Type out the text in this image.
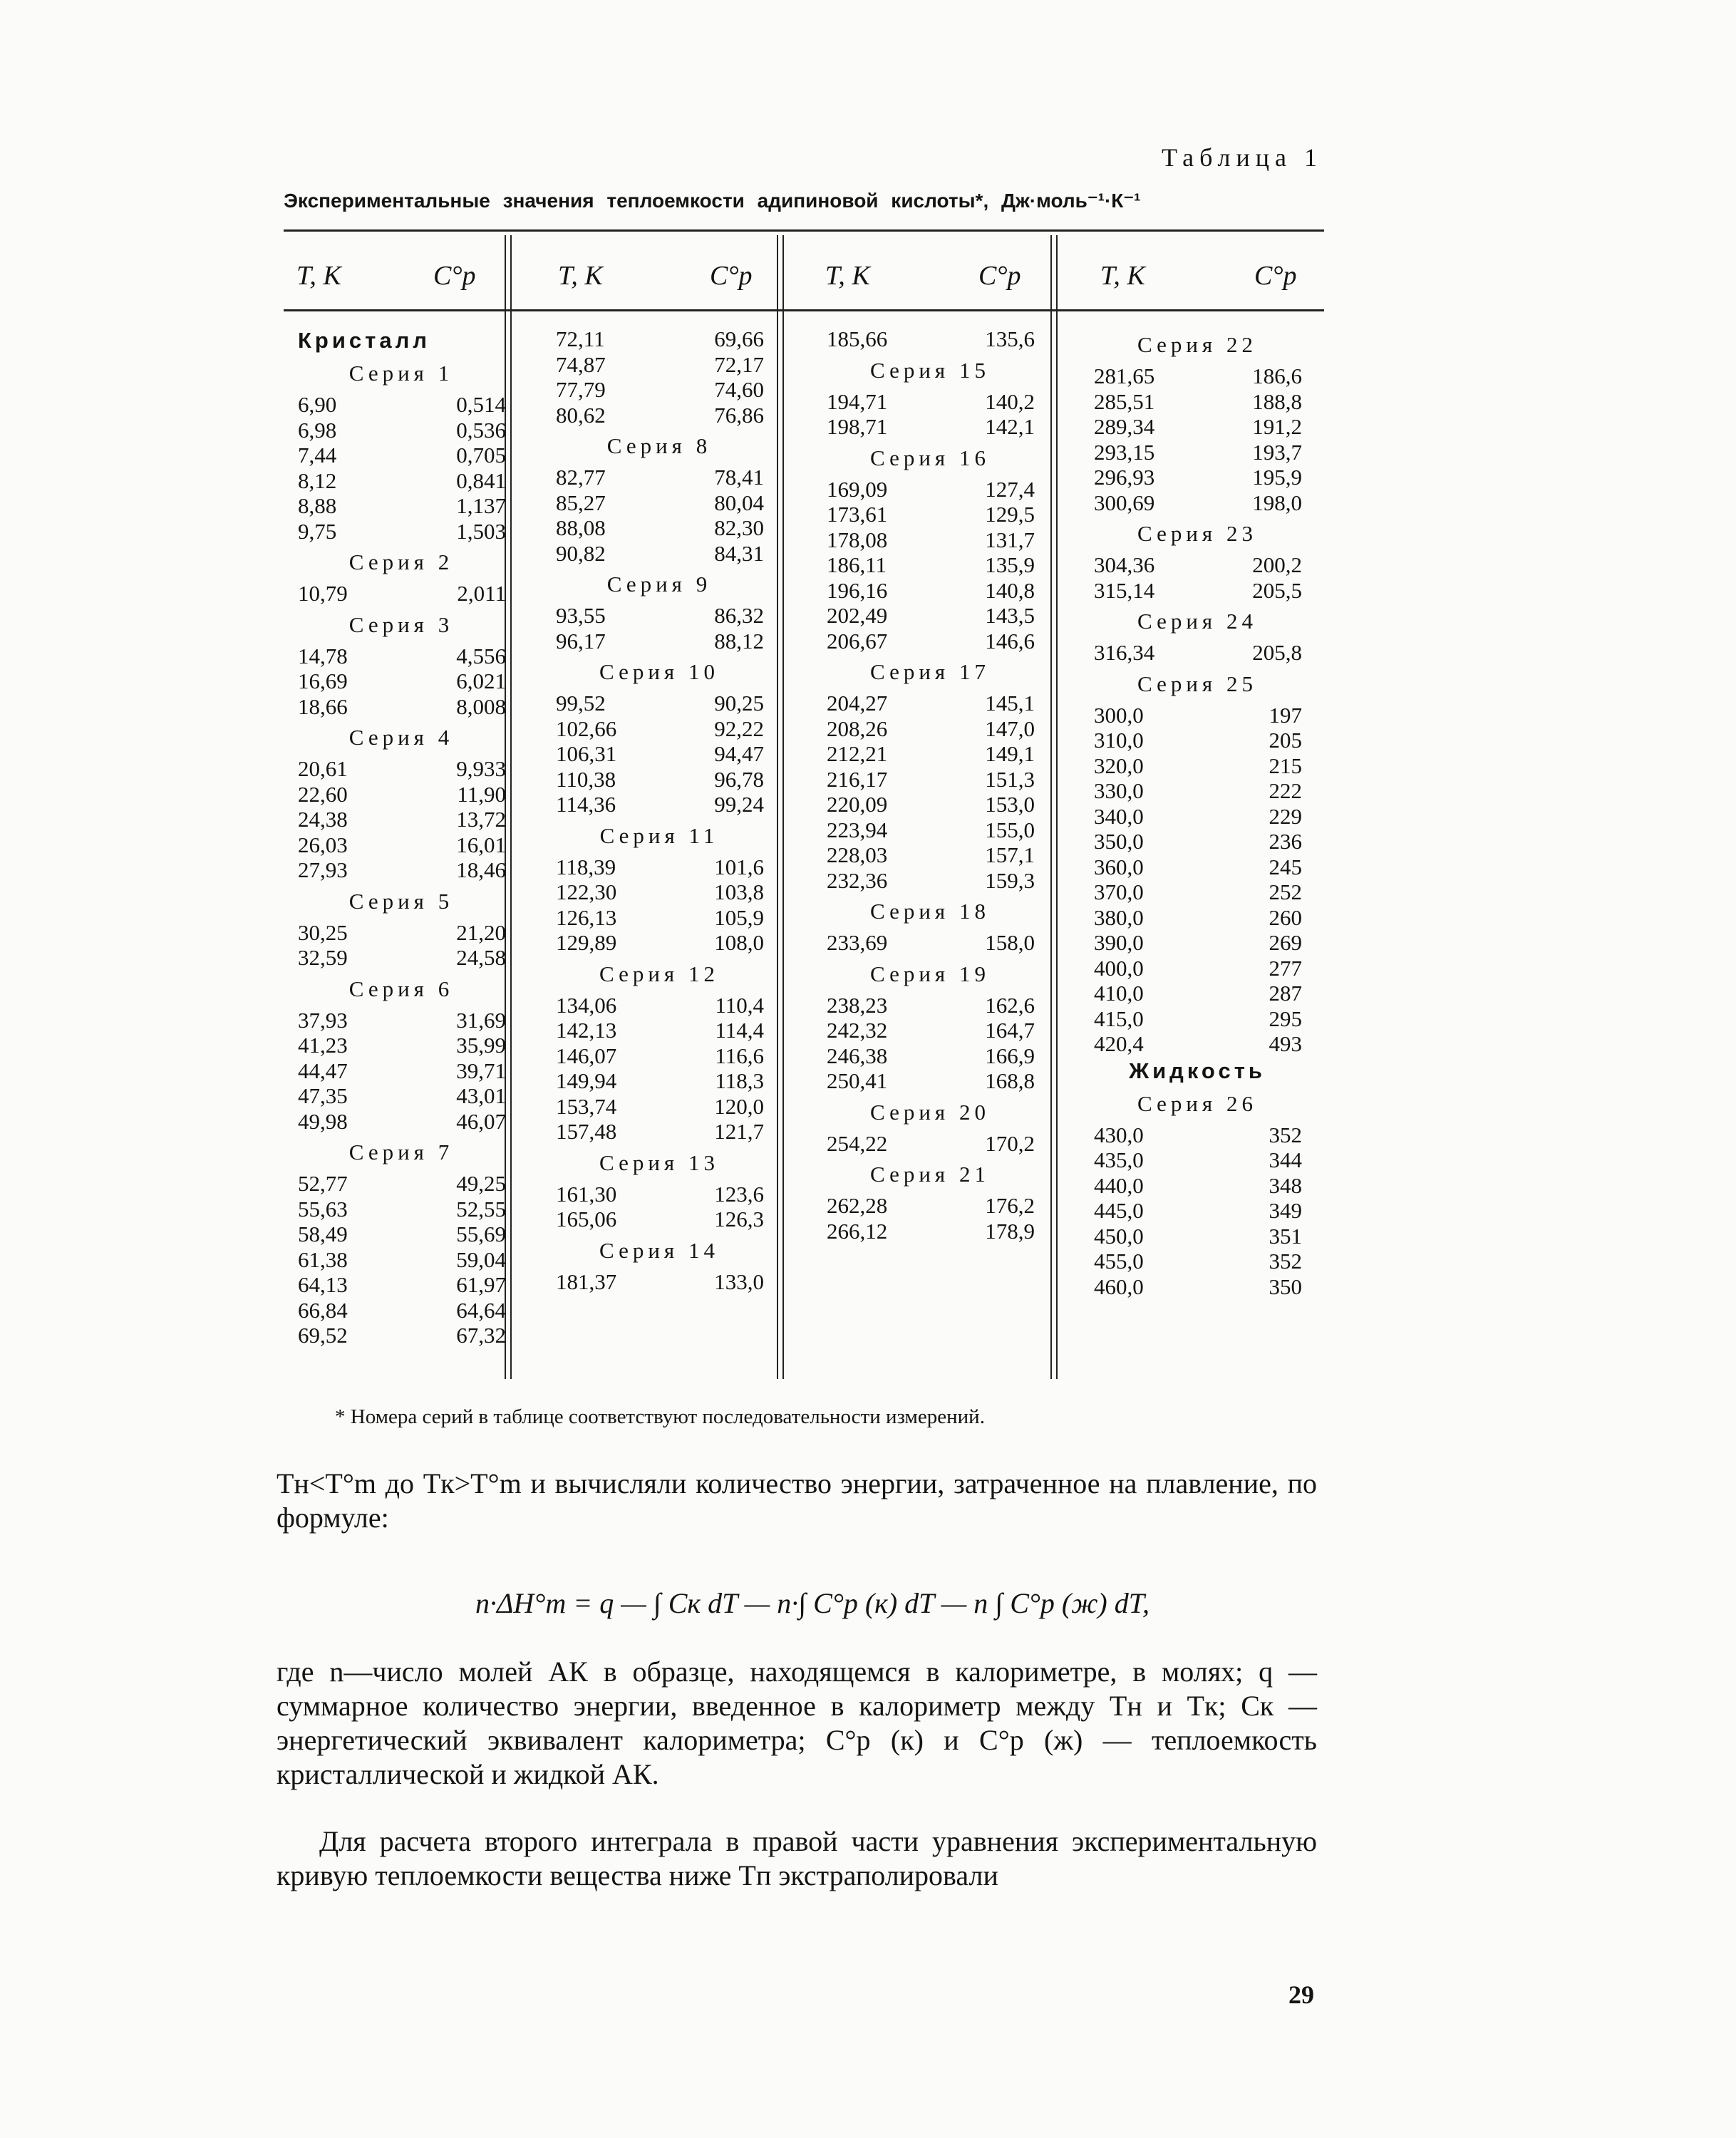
Таблица 1
Экспериментальные значения теплоемкости адипиновой кислоты*, Дж·моль⁻¹·К⁻¹
T, K	C°p	T, K	C°p	T, K	C°p	T, K	C°p
Кристалл
Серия 1
6,90	0,514
6,98	0,536
7,44	0,705
8,12	0,841
8,88	1,137
9,75	1,503
Серия 2
10,79	2,011
Серия 3
14,78	4,556
16,69	6,021
18,66	8,008
Серия 4
20,61	9,933
22,60	11,90
24,38	13,72
26,03	16,01
27,93	18,46
Серия 5
30,25	21,20
32,59	24,58
Серия 6
37,93	31,69
41,23	35,99
44,47	39,71
47,35	43,01
49,98	46,07
Серия 7
52,77	49,25
55,63	52,55
58,49	55,69
61,38	59,04
64,13	61,97
66,84	64,64
69,52	67,32
72,11	69,66
74,87	72,17
77,79	74,60
80,62	76,86
Серия 8
82,77	78,41
85,27	80,04
88,08	82,30
90,82	84,31
Серия 9
93,55	86,32
96,17	88,12
Серия 10
99,52	90,25
102,66	92,22
106,31	94,47
110,38	96,78
114,36	99,24
Серия 11
118,39	101,6
122,30	103,8
126,13	105,9
129,89	108,0
Серия 12
134,06	110,4
142,13	114,4
146,07	116,6
149,94	118,3
153,74	120,0
157,48	121,7
Серия 13
161,30	123,6
165,06	126,3
Серия 14
181,37	133,0
185,66	135,6
Серия 15
194,71	140,2
198,71	142,1
Серия 16
169,09	127,4
173,61	129,5
178,08	131,7
186,11	135,9
196,16	140,8
202,49	143,5
206,67	146,6
Серия 17
204,27	145,1
208,26	147,0
212,21	149,1
216,17	151,3
220,09	153,0
223,94	155,0
228,03	157,1
232,36	159,3
Серия 18
233,69	158,0
Серия 19
238,23	162,6
242,32	164,7
246,38	166,9
250,41	168,8
Серия 20
254,22	170,2
Серия 21
262,28	176,2
266,12	178,9
Серия 22
281,65	186,6
285,51	188,8
289,34	191,2
293,15	193,7
296,93	195,9
300,69	198,0
Серия 23
304,36	200,2
315,14	205,5
Серия 24
316,34	205,8
Серия 25
300,0	197
310,0	205
320,0	215
330,0	222
340,0	229
350,0	236
360,0	245
370,0	252
380,0	260
390,0	269
400,0	277
410,0	287
415,0	295
420,4	493
Жидкость
Серия 26
430,0	352
435,0	344
440,0	348
445,0	349
450,0	351
455,0	352
460,0	350
* Номера серий в таблице соответствуют последовательности измерений.
Tн<T°m до Tк>T°m и вычисляли количество энергии, затраченное на плавление, по формуле:
n·ΔH°m = q — ∫ Cк dT — n·∫ C°p (к) dT — n ∫ C°p (ж) dT,
где n—число молей АК в образце, находящемся в калориметре, в молях; q — суммарное количество энергии, введенное в калориметр между Tн и Tк; Cк — энергетический эквивалент калориметра; C°p (к) и C°p (ж) — теплоемкость кристаллической и жидкой АК.
Для расчета второго интеграла в правой части уравнения экспериментальную кривую теплоемкости вещества ниже Tп экстраполировали
29
